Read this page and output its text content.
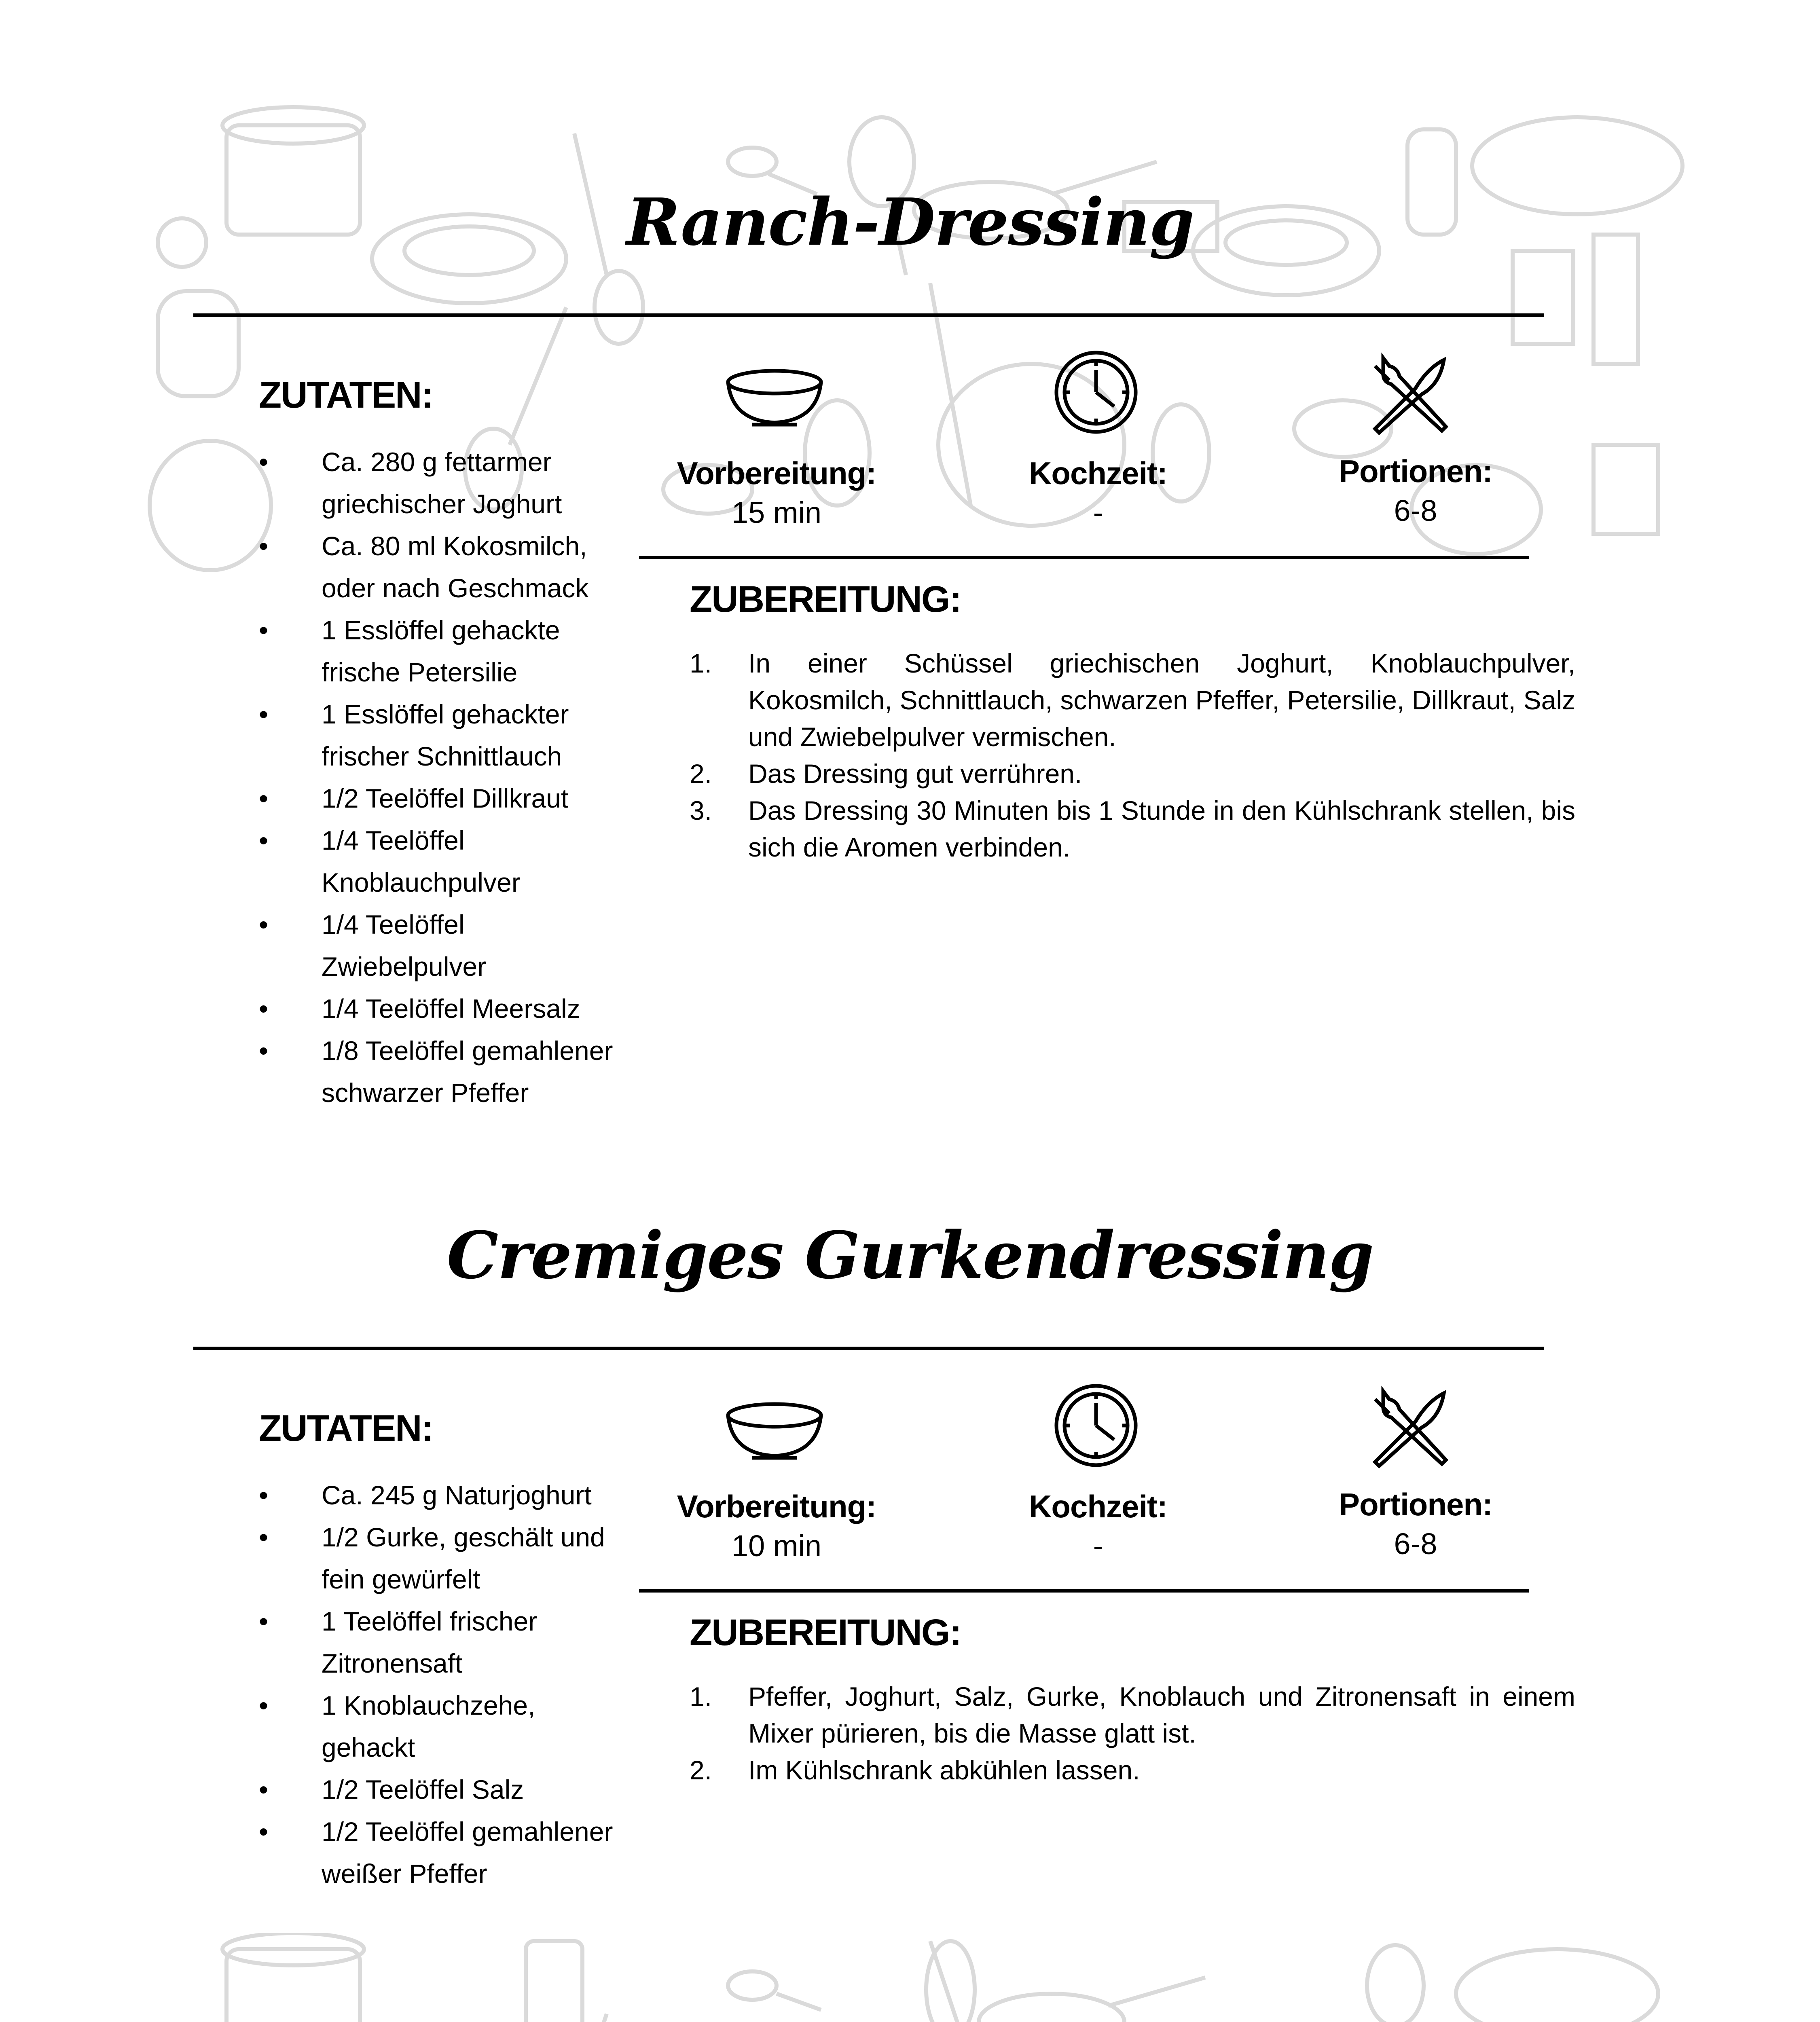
Ranch-Dressing
ZUTATEN:
• Ca. 280 g fettarmer griechischer Joghurt
• Ca. 80 ml Kokosmilch, oder nach Geschmack
• 1 Esslöffel gehackte frische Petersilie
• 1 Esslöffel gehackter frischer Schnittlauch
• 1/2 Teelöffel Dillkraut
• 1/4 Teelöffel Knoblauchpulver
• 1/4 Teelöffel Zwiebelpulver
• 1/4 Teelöffel Meersalz
• 1/8 Teelöffel gemahlener schwarzer Pfeffer
Vorbereitung:
15 min
Kochzeit:
-
Portionen:
6-8
ZUBEREITUNG:
1. In einer Schüssel griechischen Joghurt, Knoblauchpulver, Kokosmilch, Schnittlauch, schwarzen Pfeffer, Petersilie, Dillkraut, Salz und Zwiebelpulver vermischen.
2. Das Dressing gut verrühren.
3. Das Dressing 30 Minuten bis 1 Stunde in den Kühlschrank stellen, bis sich die Aromen verbinden.
Cremiges Gurkendressing
ZUTATEN:
• Ca. 245 g Naturjoghurt
• 1/2 Gurke, geschält und fein gewürfelt
• 1 Teelöffel frischer Zitronensaft
• 1 Knoblauchzehe, gehackt
• 1/2 Teelöffel Salz
• 1/2 Teelöffel gemahlener weißer Pfeffer
Vorbereitung:
10 min
Kochzeit:
-
Portionen:
6-8
ZUBEREITUNG:
1. Pfeffer, Joghurt, Salz, Gurke, Knoblauch und Zitronensaft in einem Mixer pürieren, bis die Masse glatt ist.
2. Im Kühlschrank abkühlen lassen.
